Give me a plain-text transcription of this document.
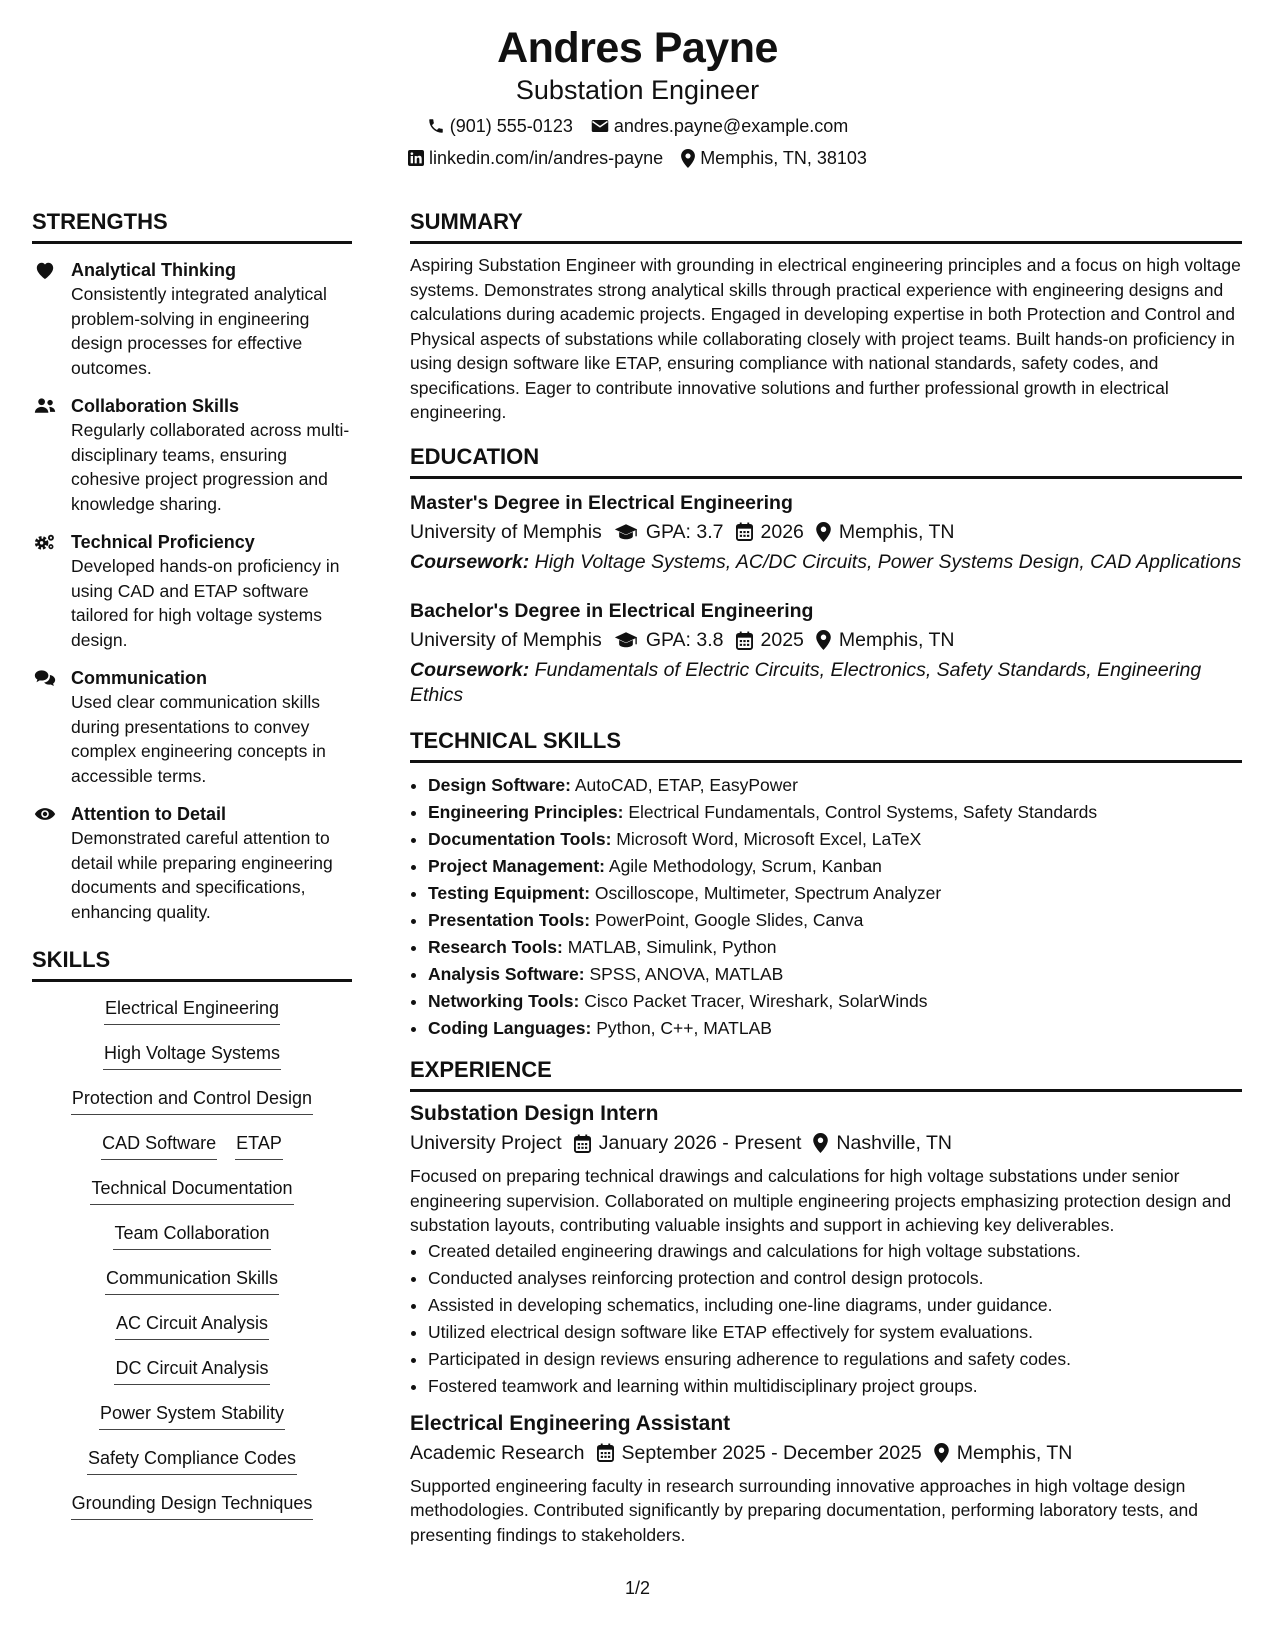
Andres Payne
Substation Engineer
(901) 555-0123 andres.payne@example.com
linkedin.com/in/andres-payne Memphis, TN, 38103
STRENGTHS
Analytical Thinking
Consistently integrated analytical problem-solving in engineering design processes for effective outcomes.
Collaboration Skills
Regularly collaborated across multi-disciplinary teams, ensuring cohesive project progression and knowledge sharing.
Technical Proficiency
Developed hands-on proficiency in using CAD and ETAP software tailored for high voltage systems design.
Communication
Used clear communication skills during presentations to convey complex engineering concepts in accessible terms.
Attention to Detail
Demonstrated careful attention to detail while preparing engineering documents and specifications, enhancing quality.
SKILLS
Electrical Engineering
High Voltage Systems
Protection and Control Design
CAD Software ETAP
Technical Documentation
Team Collaboration
Communication Skills
AC Circuit Analysis
DC Circuit Analysis
Power System Stability
Safety Compliance Codes
Grounding Design Techniques
SUMMARY
Aspiring Substation Engineer with grounding in electrical engineering principles and a focus on high voltage systems. Demonstrates strong analytical skills through practical experience with engineering designs and calculations during academic projects. Engaged in developing expertise in both Protection and Control and Physical aspects of substations while collaborating closely with project teams. Built hands-on proficiency in using design software like ETAP, ensuring compliance with national standards, safety codes, and specifications. Eager to contribute innovative solutions and further professional growth in electrical engineering.
EDUCATION
Master's Degree in Electrical Engineering
University of Memphis GPA: 3.7 2026 Memphis, TN
Coursework: High Voltage Systems, AC/DC Circuits, Power Systems Design, CAD Applications
Bachelor's Degree in Electrical Engineering
University of Memphis GPA: 3.8 2025 Memphis, TN
Coursework: Fundamentals of Electric Circuits, Electronics, Safety Standards, Engineering Ethics
TECHNICAL SKILLS
• Design Software: AutoCAD, ETAP, EasyPower
• Engineering Principles: Electrical Fundamentals, Control Systems, Safety Standards
• Documentation Tools: Microsoft Word, Microsoft Excel, LaTeX
• Project Management: Agile Methodology, Scrum, Kanban
• Testing Equipment: Oscilloscope, Multimeter, Spectrum Analyzer
• Presentation Tools: PowerPoint, Google Slides, Canva
• Research Tools: MATLAB, Simulink, Python
• Analysis Software: SPSS, ANOVA, MATLAB
• Networking Tools: Cisco Packet Tracer, Wireshark, SolarWinds
• Coding Languages: Python, C++, MATLAB
EXPERIENCE
Substation Design Intern
University Project January 2026 - Present Nashville, TN
Focused on preparing technical drawings and calculations for high voltage substations under senior engineering supervision. Collaborated on multiple engineering projects emphasizing protection design and substation layouts, contributing valuable insights and support in achieving key deliverables.
• Created detailed engineering drawings and calculations for high voltage substations.
• Conducted analyses reinforcing protection and control design protocols.
• Assisted in developing schematics, including one-line diagrams, under guidance.
• Utilized electrical design software like ETAP effectively for system evaluations.
• Participated in design reviews ensuring adherence to regulations and safety codes.
• Fostered teamwork and learning within multidisciplinary project groups.
Electrical Engineering Assistant
Academic Research September 2025 - December 2025 Memphis, TN
Supported engineering faculty in research surrounding innovative approaches in high voltage design methodologies. Contributed significantly by preparing documentation, performing laboratory tests, and presenting findings to stakeholders.
1/2
